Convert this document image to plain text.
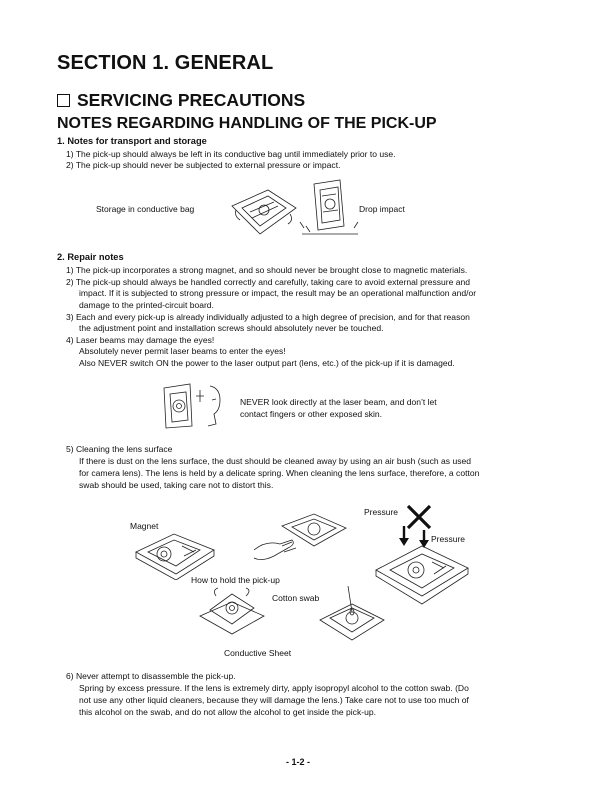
SECTION 1. GENERAL
SERVICING PRECAUTIONS
NOTES REGARDING HANDLING OF THE PICK-UP
1. Notes for transport and storage
1) The pick-up should always be left in its conductive bag until immediately prior to use.
2) The pick-up should never be subjected to external pressure or impact.
Storage in conductive bag	Drop impact
2. Repair notes
1) The pick-up incorporates a strong magnet, and so should never be brought close to magnetic materials.
2) The pick-up should always be handled correctly and carefully, taking care to avoid external pressure and
impact. If it is subjected to strong pressure or impact, the result may be an operational malfunction and/or
damage to the printed-circuit board.
3) Each and every pick-up is already individually adjusted to a high degree of precision, and for that reason
the adjustment point and installation screws should absolutely never be touched.
4) Laser beams may damage the eyes!
Absolutely never permit laser beams to enter the eyes!
Also NEVER switch ON the power to the laser output part (lens, etc.) of the pick-up if it is damaged.
NEVER look directly at the laser beam, and don’t let
contact fingers or other exposed skin.
5) Cleaning the lens surface
If there is dust on the lens surface, the dust should be cleaned away by using an air bush (such as used
for camera lens). The lens is held by a delicate spring. When cleaning the lens surface, therefore, a cotton
swab should be used, taking care not to distort this.
Magnet
Pressure
Pressure
How to hold the pick-up
Cotton swab
Conductive Sheet
6) Never attempt to disassemble the pick-up.
Spring by excess pressure. If the lens is extremely dirty, apply isopropyl alcohol to the cotton swab. (Do
not use any other liquid cleaners, because they will damage the lens.) Take care not to use too much of
this alcohol on the swab, and do not allow the alcohol to get inside the pick-up.
- 1-2 -
